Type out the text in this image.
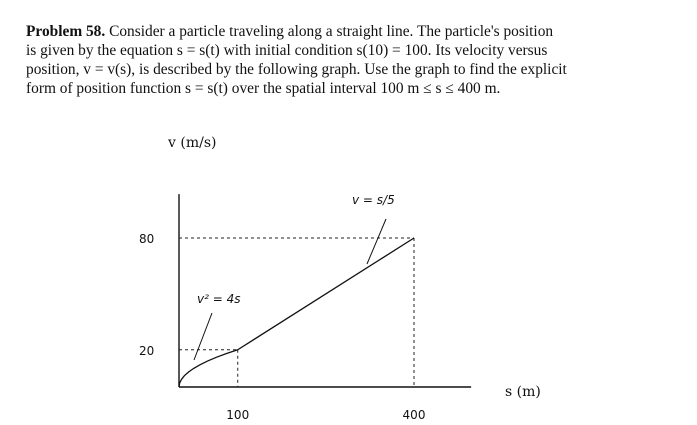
Problem 58. Consider a particle traveling along a straight line. The particle's position
is given by the equation s = s(t) with initial condition s(10) = 100. Its velocity versus
position, v = v(s), is described by the following graph. Use the graph to find the explicit
form of position function s = s(t) over the spatial interval 100 m ≤ s ≤ 400 m.
100	400
20
80
v² = 4s
v = s/5
v (m/s)
s (m)
